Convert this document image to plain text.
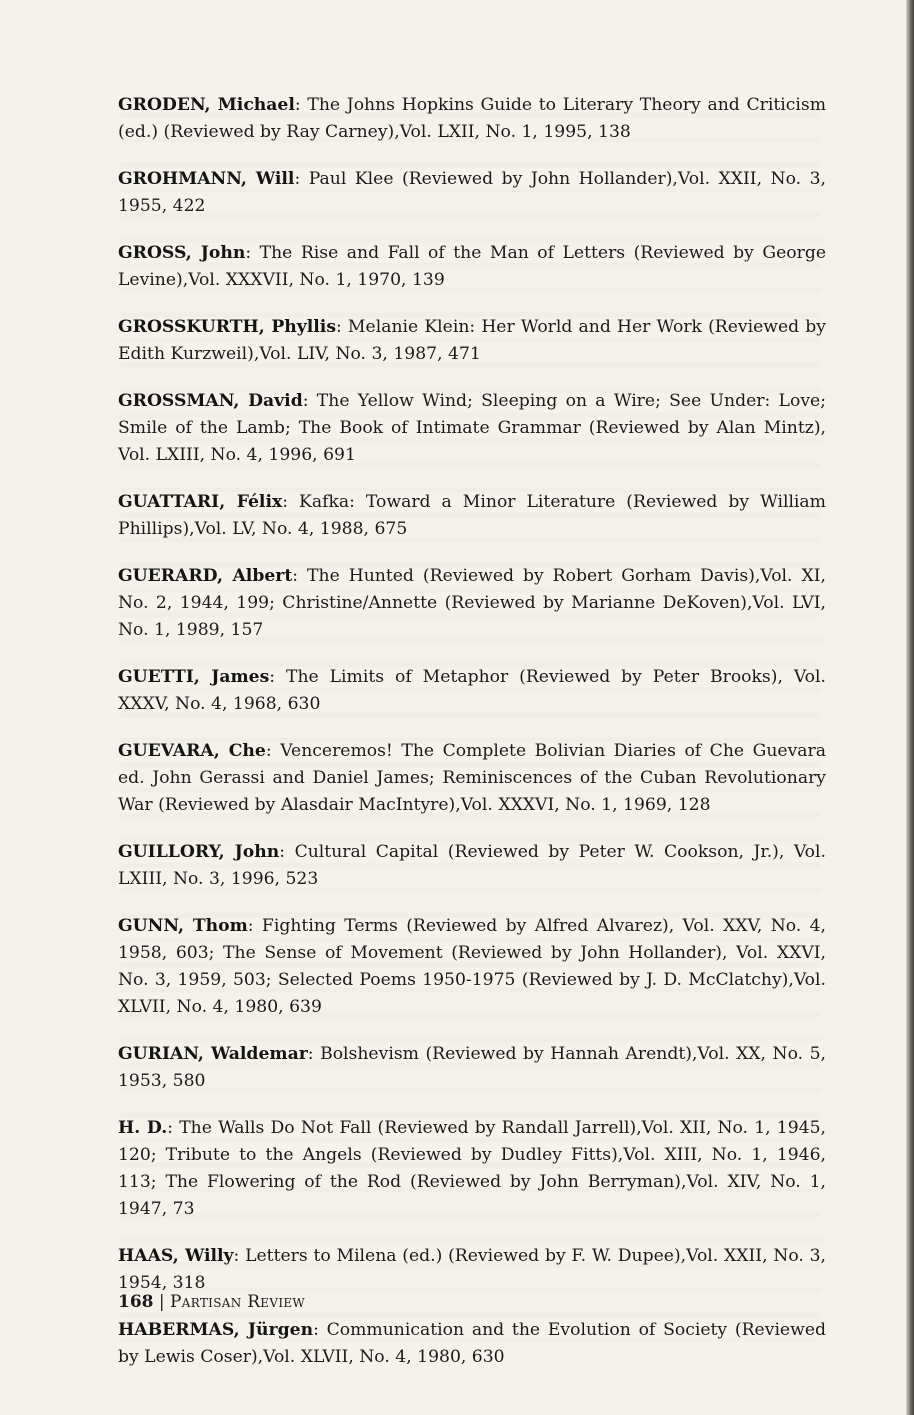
GRODEN, Michael: The Johns Hopkins Guide to Literary Theory and Criticism (ed.) (Reviewed by Ray Carney),Vol. LXII, No. 1, 1995, 138

GROHMANN, Will: Paul Klee (Reviewed by John Hollander),Vol. XXII, No. 3, 1955, 422

GROSS, John: The Rise and Fall of the Man of Letters (Reviewed by George Levine),Vol. XXXVII, No. 1, 1970, 139

GROSSKURTH, Phyllis: Melanie Klein: Her World and Her Work (Reviewed by Edith Kurzweil),Vol. LIV, No. 3, 1987, 471

GROSSMAN, David: The Yellow Wind; Sleeping on a Wire; See Under: Love; Smile of the Lamb; The Book of Intimate Grammar (Reviewed by Alan Mintz), Vol. LXIII, No. 4, 1996, 691

GUATTARI, Félix: Kafka: Toward a Minor Literature (Reviewed by William Phillips),Vol. LV, No. 4, 1988, 675

GUERARD, Albert: The Hunted (Reviewed by Robert Gorham Davis),Vol. XI, No. 2, 1944, 199; Christine/Annette (Reviewed by Marianne DeKoven),Vol. LVI, No. 1, 1989, 157

GUETTI, James: The Limits of Metaphor (Reviewed by Peter Brooks), Vol. XXXV, No. 4, 1968, 630

GUEVARA, Che: Venceremos! The Complete Bolivian Diaries of Che Guevara ed. John Gerassi and Daniel James; Reminiscences of the Cuban Revolutionary War (Reviewed by Alasdair MacIntyre),Vol. XXXVI, No. 1, 1969, 128

GUILLORY, John: Cultural Capital (Reviewed by Peter W. Cookson, Jr.), Vol. LXIII, No. 3, 1996, 523

GUNN, Thom: Fighting Terms (Reviewed by Alfred Alvarez), Vol. XXV, No. 4, 1958, 603; The Sense of Movement (Reviewed by John Hollander), Vol. XXVI, No. 3, 1959, 503; Selected Poems 1950-1975 (Reviewed by J. D. McClatchy),Vol. XLVII, No. 4, 1980, 639

GURIAN, Waldemar: Bolshevism (Reviewed by Hannah Arendt),Vol. XX, No. 5, 1953, 580

H. D.: The Walls Do Not Fall (Reviewed by Randall Jarrell),Vol. XII, No. 1, 1945, 120; Tribute to the Angels (Reviewed by Dudley Fitts),Vol. XIII, No. 1, 1946, 113; The Flowering of the Rod (Reviewed by John Berryman),Vol. XIV, No. 1, 1947, 73

HAAS, Willy: Letters to Milena (ed.) (Reviewed by F. W. Dupee),Vol. XXII, No. 3, 1954, 318

HABERMAS, Jürgen: Communication and the Evolution of Society (Reviewed by Lewis Coser),Vol. XLVII, No. 4, 1980, 630

168 | Partisan Review
